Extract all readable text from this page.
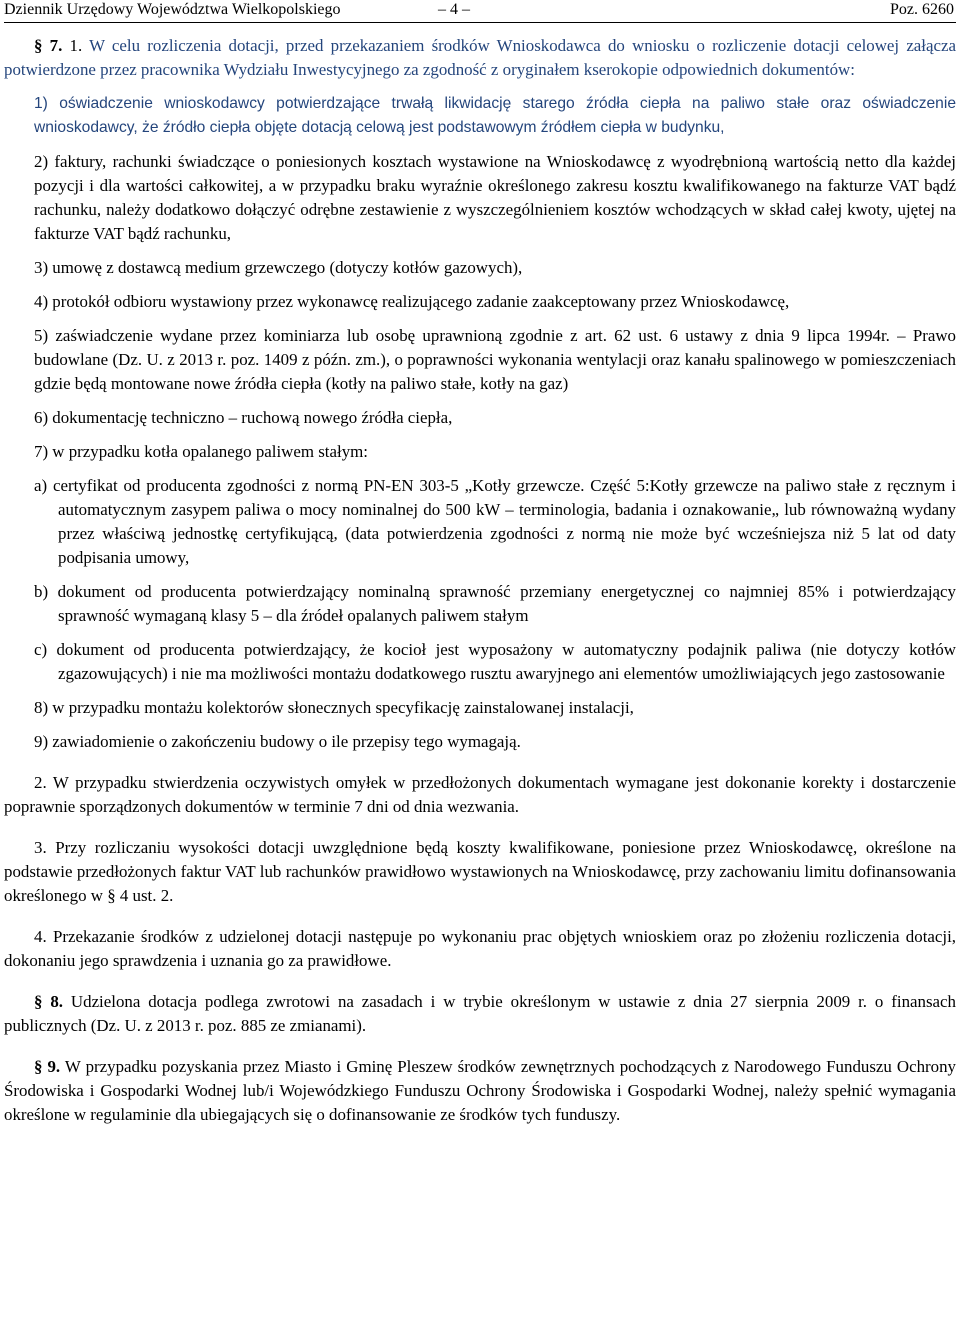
Dziennik Urzędowy Województwa Wielkopolskiego	– 4 –	Poz. 6260

§ 7. 1. W celu rozliczenia dotacji, przed przekazaniem środków Wnioskodawca do wniosku o rozliczenie dotacji celowej załącza potwierdzone przez pracownika Wydziału Inwestycyjnego za zgodność z oryginałem kserokopie odpowiednich dokumentów:

1) oświadczenie wnioskodawcy potwierdzające trwałą likwidację starego źródła ciepła na paliwo stałe oraz oświadczenie wnioskodawcy, że źródło ciepła objęte dotacją celową jest podstawowym źródłem ciepła w budynku,

2) faktury, rachunki świadczące o poniesionych kosztach wystawione na Wnioskodawcę z wyodrębnioną wartością netto dla każdej pozycji i dla wartości całkowitej, a w przypadku braku wyraźnie określonego zakresu kosztu kwalifikowanego na fakturze VAT bądź rachunku, należy dodatkowo dołączyć odrębne zestawienie z wyszczególnieniem kosztów wchodzących w skład całej kwoty, ujętej na fakturze VAT bądź rachunku,

3) umowę z dostawcą medium grzewczego (dotyczy kotłów gazowych),

4) protokół odbioru wystawiony przez wykonawcę realizującego zadanie zaakceptowany przez Wnioskodawcę,

5) zaświadczenie wydane przez kominiarza lub osobę uprawnioną zgodnie z art. 62 ust. 6 ustawy z dnia 9 lipca 1994r. – Prawo budowlane (Dz. U. z 2013 r. poz. 1409 z późn. zm.), o poprawności wykonania wentylacji oraz kanału spalinowego w pomieszczeniach gdzie będą montowane nowe źródła ciepła (kotły na paliwo stałe, kotły na gaz)

6) dokumentację techniczno – ruchową nowego źródła ciepła,

7) w przypadku kotła opalanego paliwem stałym:

a) certyfikat od producenta zgodności z normą PN-EN 303-5 „Kotły grzewcze. Część 5:Kotły grzewcze na paliwo stałe z ręcznym i automatycznym zasypem paliwa o mocy nominalnej do 500 kW – terminologia, badania i oznakowanie„ lub równoważną wydany przez właściwą jednostkę certyfikującą, (data potwierdzenia zgodności z normą nie może być wcześniejsza niż 5 lat od daty podpisania umowy,

b) dokument od producenta potwierdzający nominalną sprawność przemiany energetycznej co najmniej 85% i potwierdzający sprawność wymaganą klasy 5 – dla źródeł opalanych paliwem stałym

c) dokument od producenta potwierdzający, że kocioł jest wyposażony w automatyczny podajnik paliwa (nie dotyczy kotłów zgazowujących) i nie ma możliwości montażu dodatkowego rusztu awaryjnego ani elementów umożliwiających jego zastosowanie

8) w przypadku montażu kolektorów słonecznych specyfikację zainstalowanej instalacji,

9) zawiadomienie o zakończeniu budowy o ile przepisy tego wymagają.

2. W przypadku stwierdzenia oczywistych omyłek w przedłożonych dokumentach wymagane jest dokonanie korekty i dostarczenie poprawnie sporządzonych dokumentów w terminie 7 dni od dnia wezwania.

3. Przy rozliczaniu wysokości dotacji uwzględnione będą koszty kwalifikowane, poniesione przez Wnioskodawcę, określone na podstawie przedłożonych faktur VAT lub rachunków prawidłowo wystawionych na Wnioskodawcę, przy zachowaniu limitu dofinansowania określonego w § 4 ust. 2.

4. Przekazanie środków z udzielonej dotacji następuje po wykonaniu prac objętych wnioskiem oraz po złożeniu rozliczenia dotacji, dokonaniu jego sprawdzenia i uznania go za prawidłowe.

§ 8. Udzielona dotacja podlega zwrotowi na zasadach i w trybie określonym w ustawie z dnia 27 sierpnia 2009 r. o finansach publicznych (Dz. U. z 2013 r. poz. 885 ze zmianami).

§ 9. W przypadku pozyskania przez Miasto i Gminę Pleszew środków zewnętrznych pochodzących z Narodowego Funduszu Ochrony Środowiska i Gospodarki Wodnej lub/i Wojewódzkiego Funduszu Ochrony Środowiska i Gospodarki Wodnej, należy spełnić wymagania określone w regulaminie dla ubiegających się o dofinansowanie ze środków tych funduszy.
